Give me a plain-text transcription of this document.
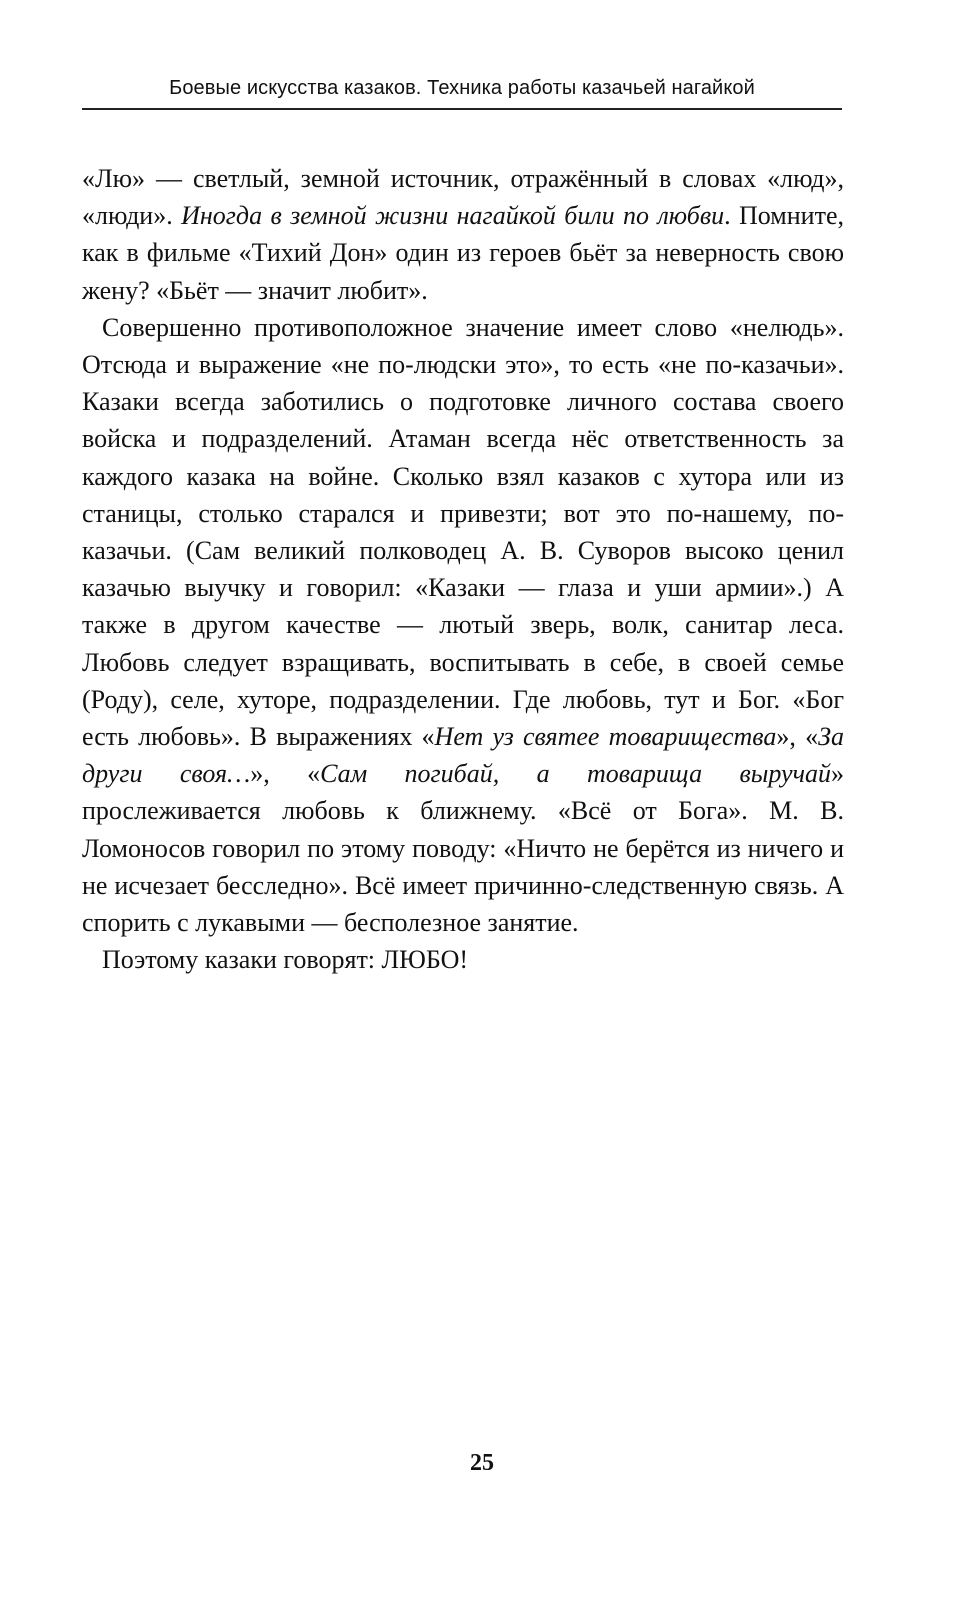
Боевые искусства казаков. Техника работы казачьей нагайкой

«Лю» — светлый, земной источник, отражённый в словах «люд», «люди». Иногда в земной жизни нагайкой били по любви. Помните, как в фильме «Тихий Дон» один из героев бьёт за неверность свою жену? «Бьёт — значит любит».

Совершенно противоположное значение имеет слово «нелюдь». Отсюда и выражение «не по-людски это», то есть «не по-казачьи». Казаки всегда заботились о подготовке личного состава своего войска и подразделений. Атаман всегда нёс ответственность за каждого казака на войне. Сколько взял казаков с хутора или из станицы, столько старался и привезти; вот это по-нашему, по-казачьи. (Сам великий полководец А. В. Суворов высоко ценил казачью выучку и говорил: «Казаки — глаза и уши армии».) А также в другом качестве — лютый зверь, волк, санитар леса. Любовь следует взращивать, воспитывать в себе, в своей семье (Роду), селе, хуторе, подразделении. Где любовь, тут и Бог. «Бог есть любовь». В выражениях «Нет уз святее товарищества», «За други своя…», «Сам погибай, а товарища выручай» прослеживается любовь к ближнему. «Всё от Бога». М. В. Ломоносов говорил по этому поводу: «Ничто не берётся из ничего и не исчезает бесследно». Всё имеет причинно-следственную связь. А спорить с лукавыми — бесполезное занятие.

Поэтому казаки говорят: ЛЮБО!

25
